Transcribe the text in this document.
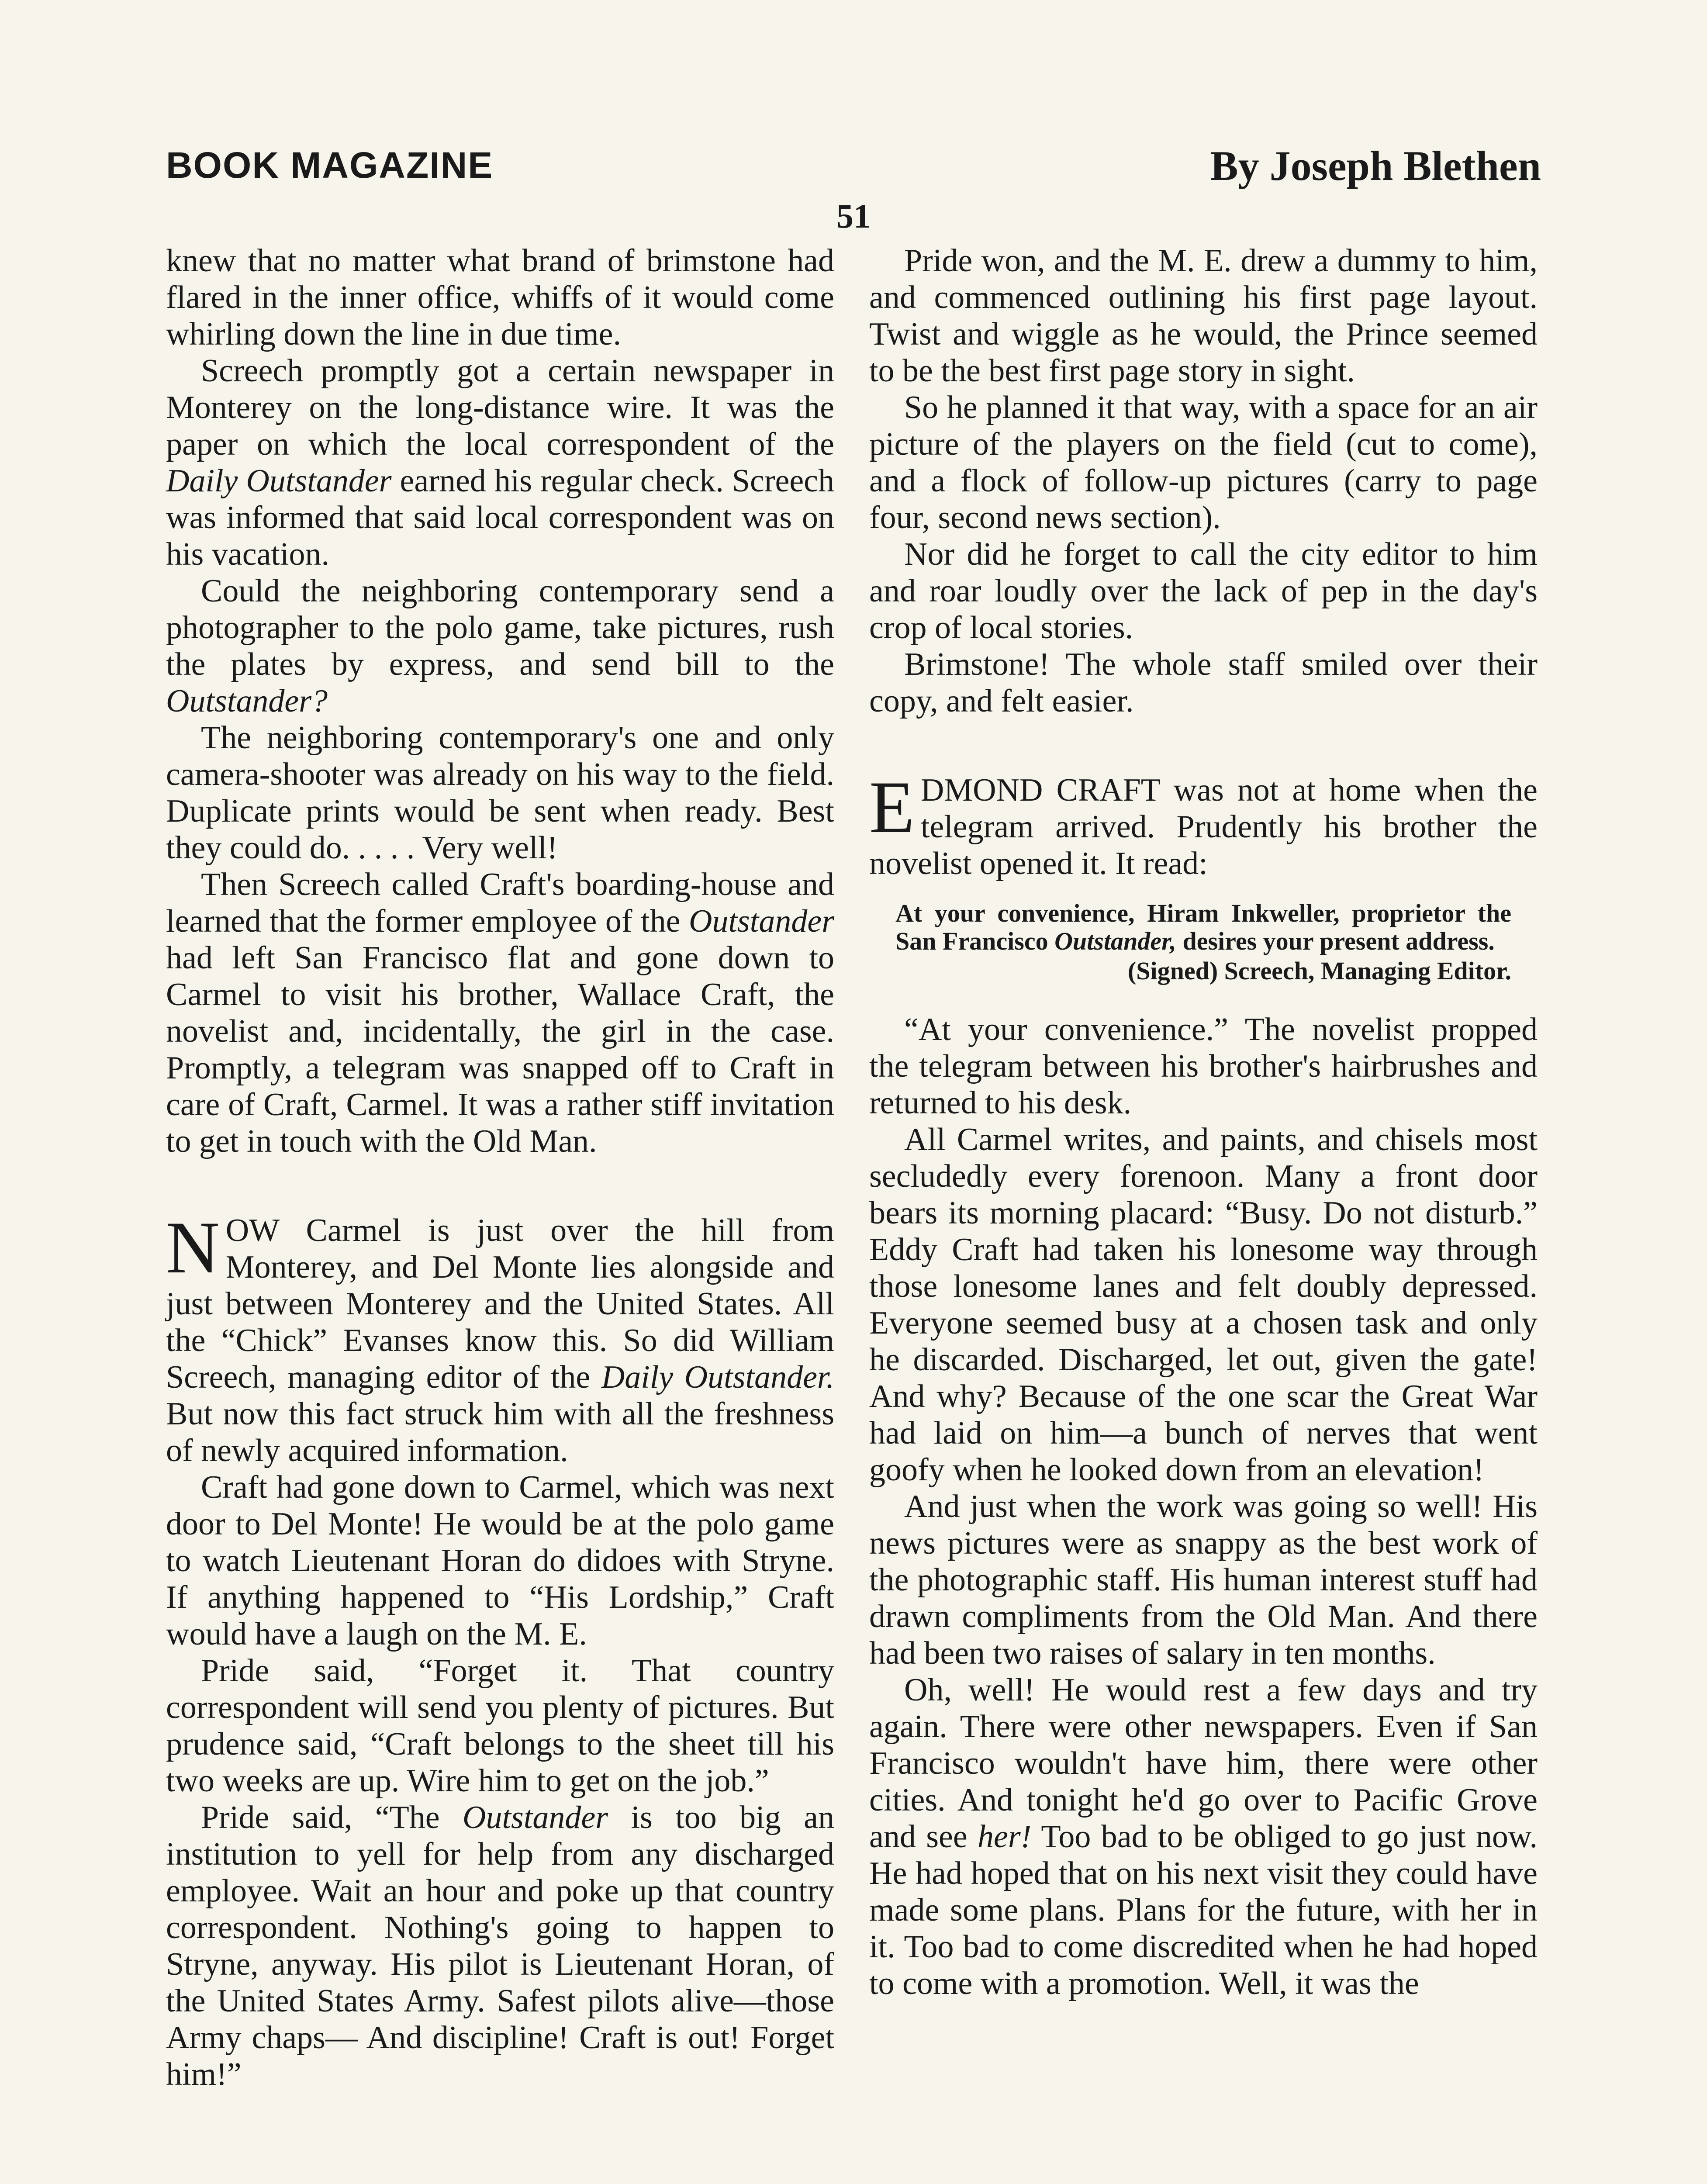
BOOK MAGAZINE	By Joseph Blethen
51

knew that no matter what brand of brimstone had flared in the inner office, whiffs of it would come whirling down the line in due time.

Screech promptly got a certain newspaper in Monterey on the long-distance wire. It was the paper on which the local correspondent of the Daily Outstander earned his regular check. Screech was informed that said local correspondent was on his vacation.

Could the neighboring contemporary send a photographer to the polo game, take pictures, rush the plates by express, and send bill to the Outstander?

The neighboring contemporary's one and only camera-shooter was already on his way to the field. Duplicate prints would be sent when ready. Best they could do. . . . . Very well!

Then Screech called Craft's boarding-house and learned that the former employee of the Outstander had left San Francisco flat and gone down to Carmel to visit his brother, Wallace Craft, the novelist and, incidentally, the girl in the case. Promptly, a telegram was snapped off to Craft in care of Craft, Carmel. It was a rather stiff invitation to get in touch with the Old Man.

NOW Carmel is just over the hill from Monterey, and Del Monte lies alongside and just between Monterey and the United States. All the “Chick” Evanses know this. So did William Screech, managing editor of the Daily Outstander. But now this fact struck him with all the freshness of newly acquired information.

Craft had gone down to Carmel, which was next door to Del Monte! He would be at the polo game to watch Lieutenant Horan do didoes with Stryne. If anything happened to “His Lordship,” Craft would have a laugh on the M. E.

Pride said, “Forget it. That country correspondent will send you plenty of pictures. But prudence said, “Craft belongs to the sheet till his two weeks are up. Wire him to get on the job.”

Pride said, “The Outstander is too big an institution to yell for help from any discharged employee. Wait an hour and poke up that country correspondent. Nothing's going to happen to Stryne, anyway. His pilot is Lieutenant Horan, of the United States Army. Safest pilots alive—those Army chaps— And discipline! Craft is out! Forget him!”

Pride won, and the M. E. drew a dummy to him, and commenced outlining his first page layout. Twist and wiggle as he would, the Prince seemed to be the best first page story in sight.

So he planned it that way, with a space for an air picture of the players on the field (cut to come), and a flock of follow-up pictures (carry to page four, second news section).

Nor did he forget to call the city editor to him and roar loudly over the lack of pep in the day's crop of local stories.

Brimstone! The whole staff smiled over their copy, and felt easier.

EDMOND CRAFT was not at home when the telegram arrived. Prudently his brother the novelist opened it. It read:

At your convenience, Hiram Inkweller, proprietor the San Francisco Outstander, desires your present address.
(Signed) Screech, Managing Editor.

“At your convenience.” The novelist propped the telegram between his brother's hairbrushes and returned to his desk.

All Carmel writes, and paints, and chisels most secludedly every forenoon. Many a front door bears its morning placard: “Busy. Do not disturb.” Eddy Craft had taken his lonesome way through those lonesome lanes and felt doubly depressed. Everyone seemed busy at a chosen task and only he discarded. Discharged, let out, given the gate! And why? Because of the one scar the Great War had laid on him—a bunch of nerves that went goofy when he looked down from an elevation!

And just when the work was going so well! His news pictures were as snappy as the best work of the photographic staff. His human interest stuff had drawn compliments from the Old Man. And there had been two raises of salary in ten months.

Oh, well! He would rest a few days and try again. There were other newspapers. Even if San Francisco wouldn't have him, there were other cities. And tonight he'd go over to Pacific Grove and see her! Too bad to be obliged to go just now. He had hoped that on his next visit they could have made some plans. Plans for the future, with her in it. Too bad to come discredited when he had hoped to come with a promotion. Well, it was the
